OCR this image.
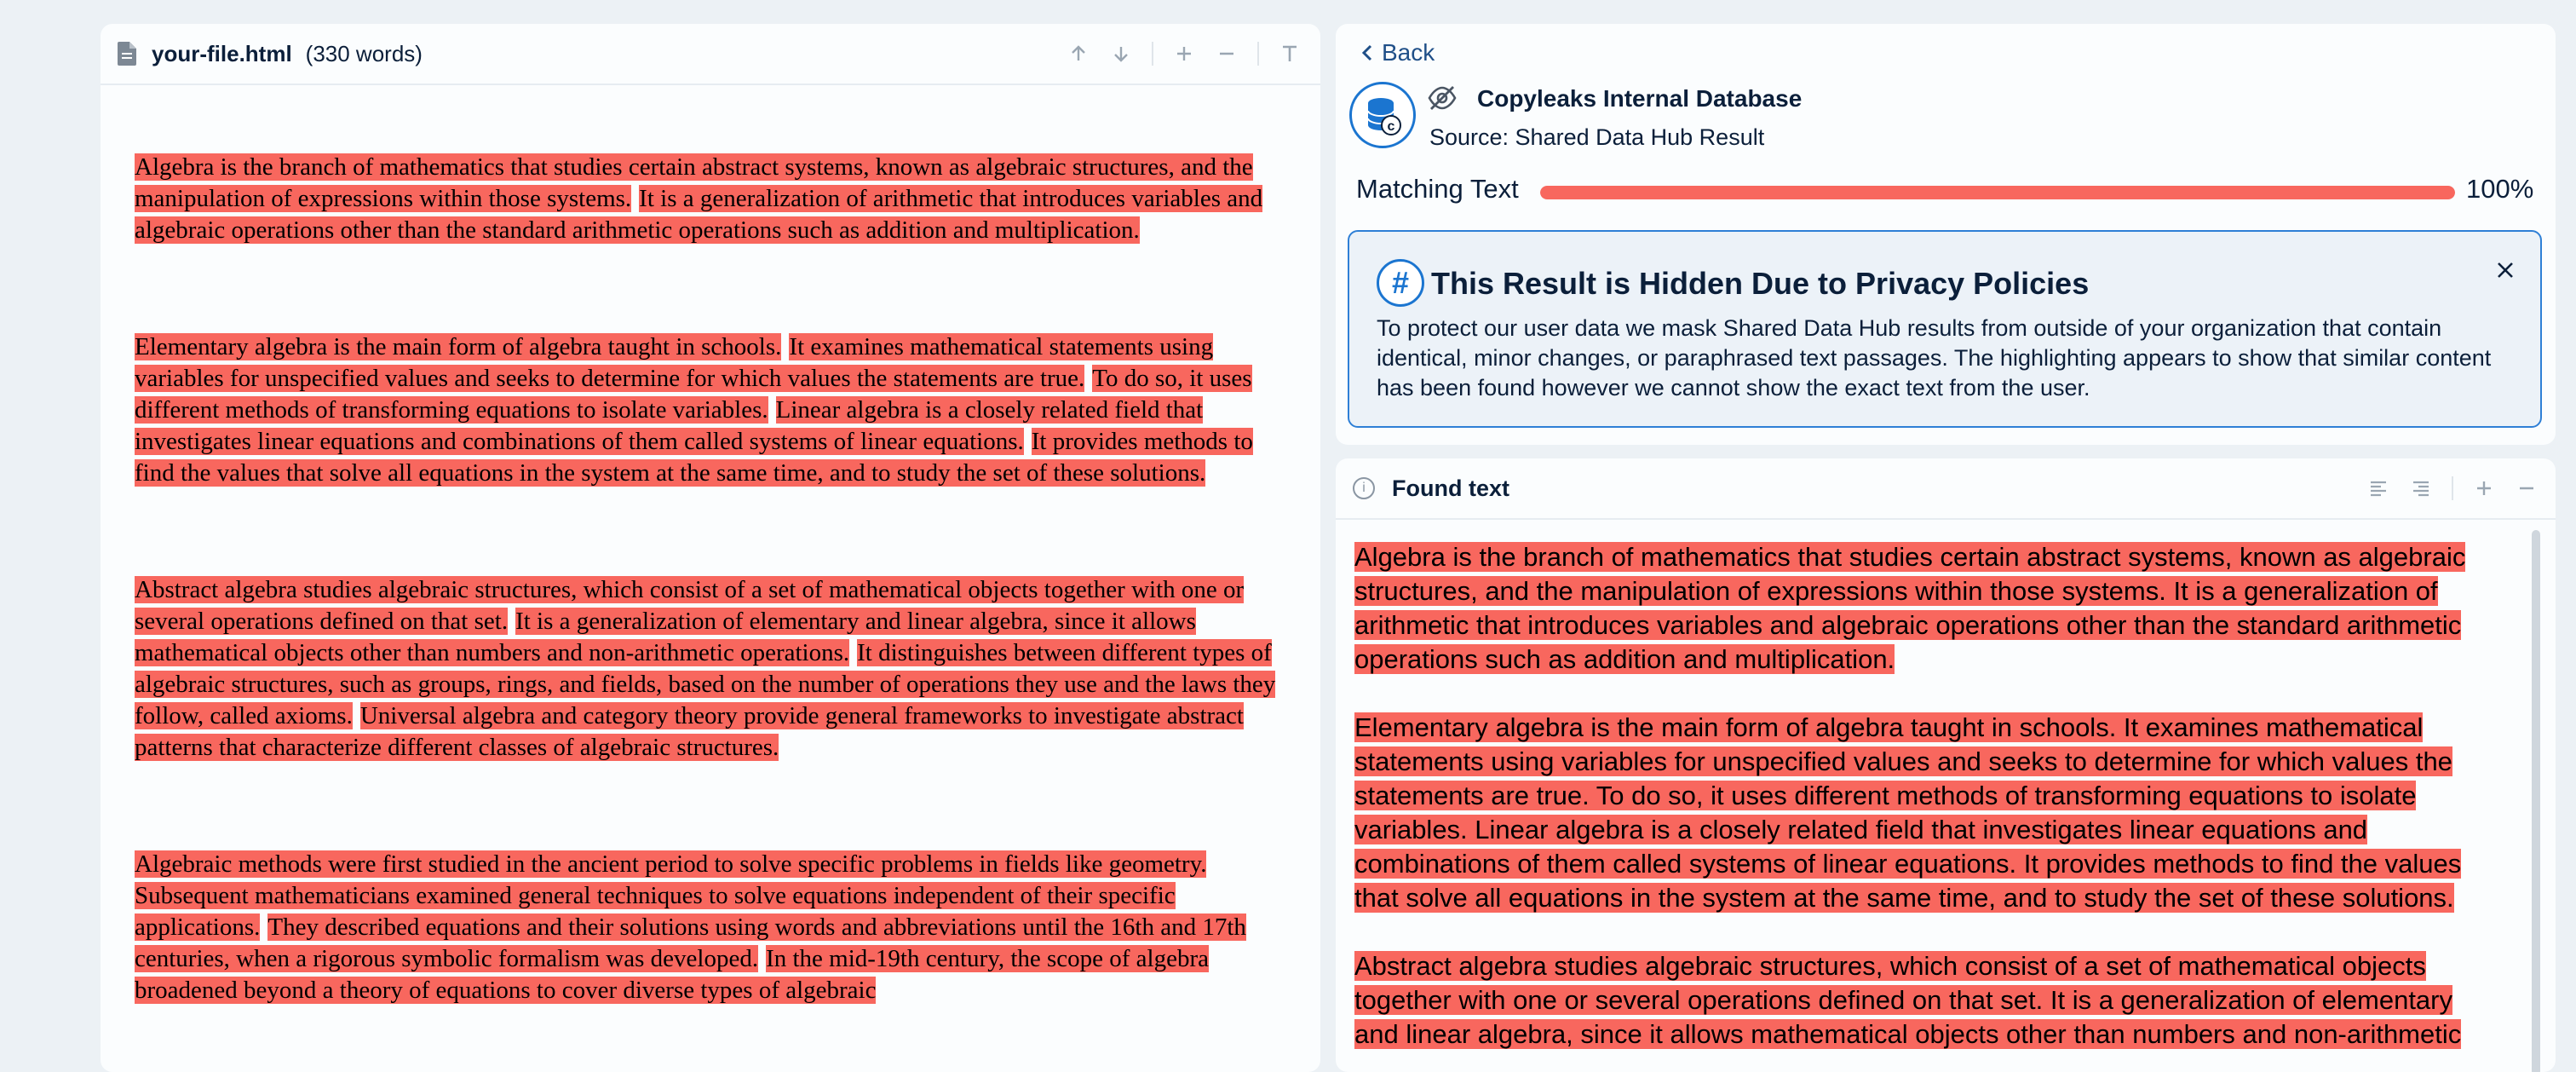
your-file.html (330 words)

Algebra is the branch of mathematics that studies certain abstract systems, known as algebraic structures, and the manipulation of expressions within those systems. It is a generalization of arithmetic that introduces variables and algebraic operations other than the standard arithmetic operations such as addition and multiplication.

Elementary algebra is the main form of algebra taught in schools. It examines mathematical statements using variables for unspecified values and seeks to determine for which values the statements are true. To do so, it uses different methods of transforming equations to isolate variables. Linear algebra is a closely related field that investigates linear equations and combinations of them called systems of linear equations. It provides methods to find the values that solve all equations in the system at the same time, and to study the set of these solutions.

Abstract algebra studies algebraic structures, which consist of a set of mathematical objects together with one or several operations defined on that set. It is a generalization of elementary and linear algebra, since it allows mathematical objects other than numbers and non-arithmetic operations. It distinguishes between different types of algebraic structures, such as groups, rings, and fields, based on the number of operations they use and the laws they follow, called axioms. Universal algebra and category theory provide general frameworks to investigate abstract patterns that characterize different classes of algebraic structures.

Algebraic methods were first studied in the ancient period to solve specific problems in fields like geometry.Subsequent mathematicians examined general techniques to solve equations independent of their specific applications. They described equations and their solutions using words and abbreviations until the 16th and 17th centuries, when a rigorous symbolic formalism was developed. In the mid-19th century, the scope of algebra broadened beyond a theory of equations to cover diverse types of algebraic

Back
c
Copyleaks Internal Database
Source: Shared Data Hub Result
Matching Text	100%
# This Result is Hidden Due to Privacy Policies
To protect our user data we mask Shared Data Hub results from outside of your organization that contain identical, minor changes, or paraphrased text passages. The highlighting appears to show that similar content has been found however we cannot show the exact text from the user.
i	Found text

Algebra is the branch of mathematics that studies certain abstract systems, known as algebraic structures, and the manipulation of expressions within those systems. It is a generalization of arithmetic that introduces variables and algebraic operations other than the standard arithmetic operations such as addition and multiplication.

Elementary algebra is the main form of algebra taught in schools. It examines mathematical statements using variables for unspecified values and seeks to determine for which values the statements are true. To do so, it uses different methods of transforming equations to isolate variables. Linear algebra is a closely related field that investigates linear equations and combinations of them called systems of linear equations. It provides methods to find the values that solve all equations in the system at the same time, and to study the set of these solutions.

Abstract algebra studies algebraic structures, which consist of a set of mathematical objects together with one or several operations defined on that set. It is a generalization of elementary and linear algebra, since it allows mathematical objects other than numbers and non-arithmetic
